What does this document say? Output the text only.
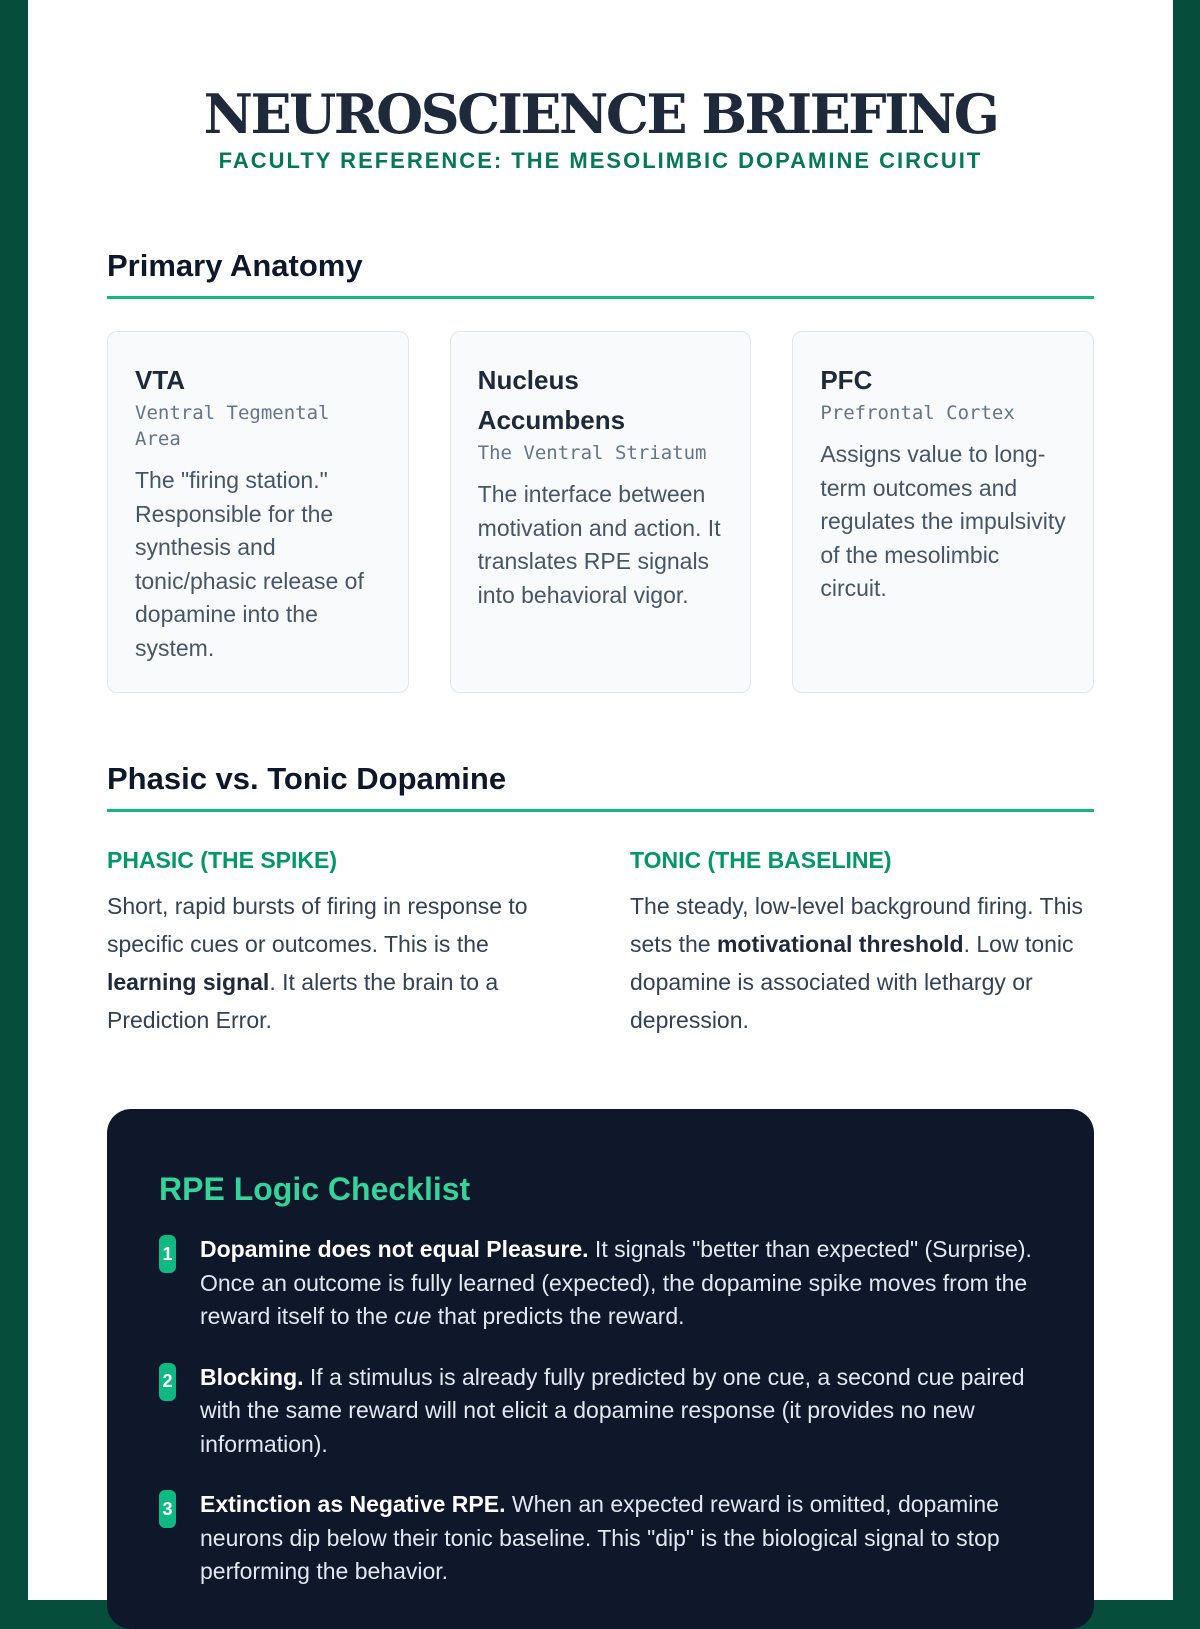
NEUROSCIENCE BRIEFING
FACULTY REFERENCE: THE MESOLIMBIC DOPAMINE CIRCUIT
Primary Anatomy
VTA
Ventral Tegmental Area
The "firing station." Responsible for the synthesis and tonic/phasic release of dopamine into the system.
Nucleus Accumbens
The Ventral Striatum
The interface between motivation and action. It translates RPE signals into behavioral vigor.
PFC
Prefrontal Cortex
Assigns value to long-term outcomes and regulates the impulsivity of the mesolimbic circuit.
Phasic vs. Tonic Dopamine
PHASIC (THE SPIKE)
Short, rapid bursts of firing in response to specific cues or outcomes. This is the learning signal. It alerts the brain to a Prediction Error.
TONIC (THE BASELINE)
The steady, low-level background firing. This sets the motivational threshold. Low tonic dopamine is associated with lethargy or depression.
RPE Logic Checklist
1 Dopamine does not equal Pleasure. It signals "better than expected" (Surprise). Once an outcome is fully learned (expected), the dopamine spike moves from the reward itself to the cue that predicts the reward.
2 Blocking. If a stimulus is already fully predicted by one cue, a second cue paired with the same reward will not elicit a dopamine response (it provides no new information).
3 Extinction as Negative RPE. When an expected reward is omitted, dopamine neurons dip below their tonic baseline. This "dip" is the biological signal to stop performing the behavior.
